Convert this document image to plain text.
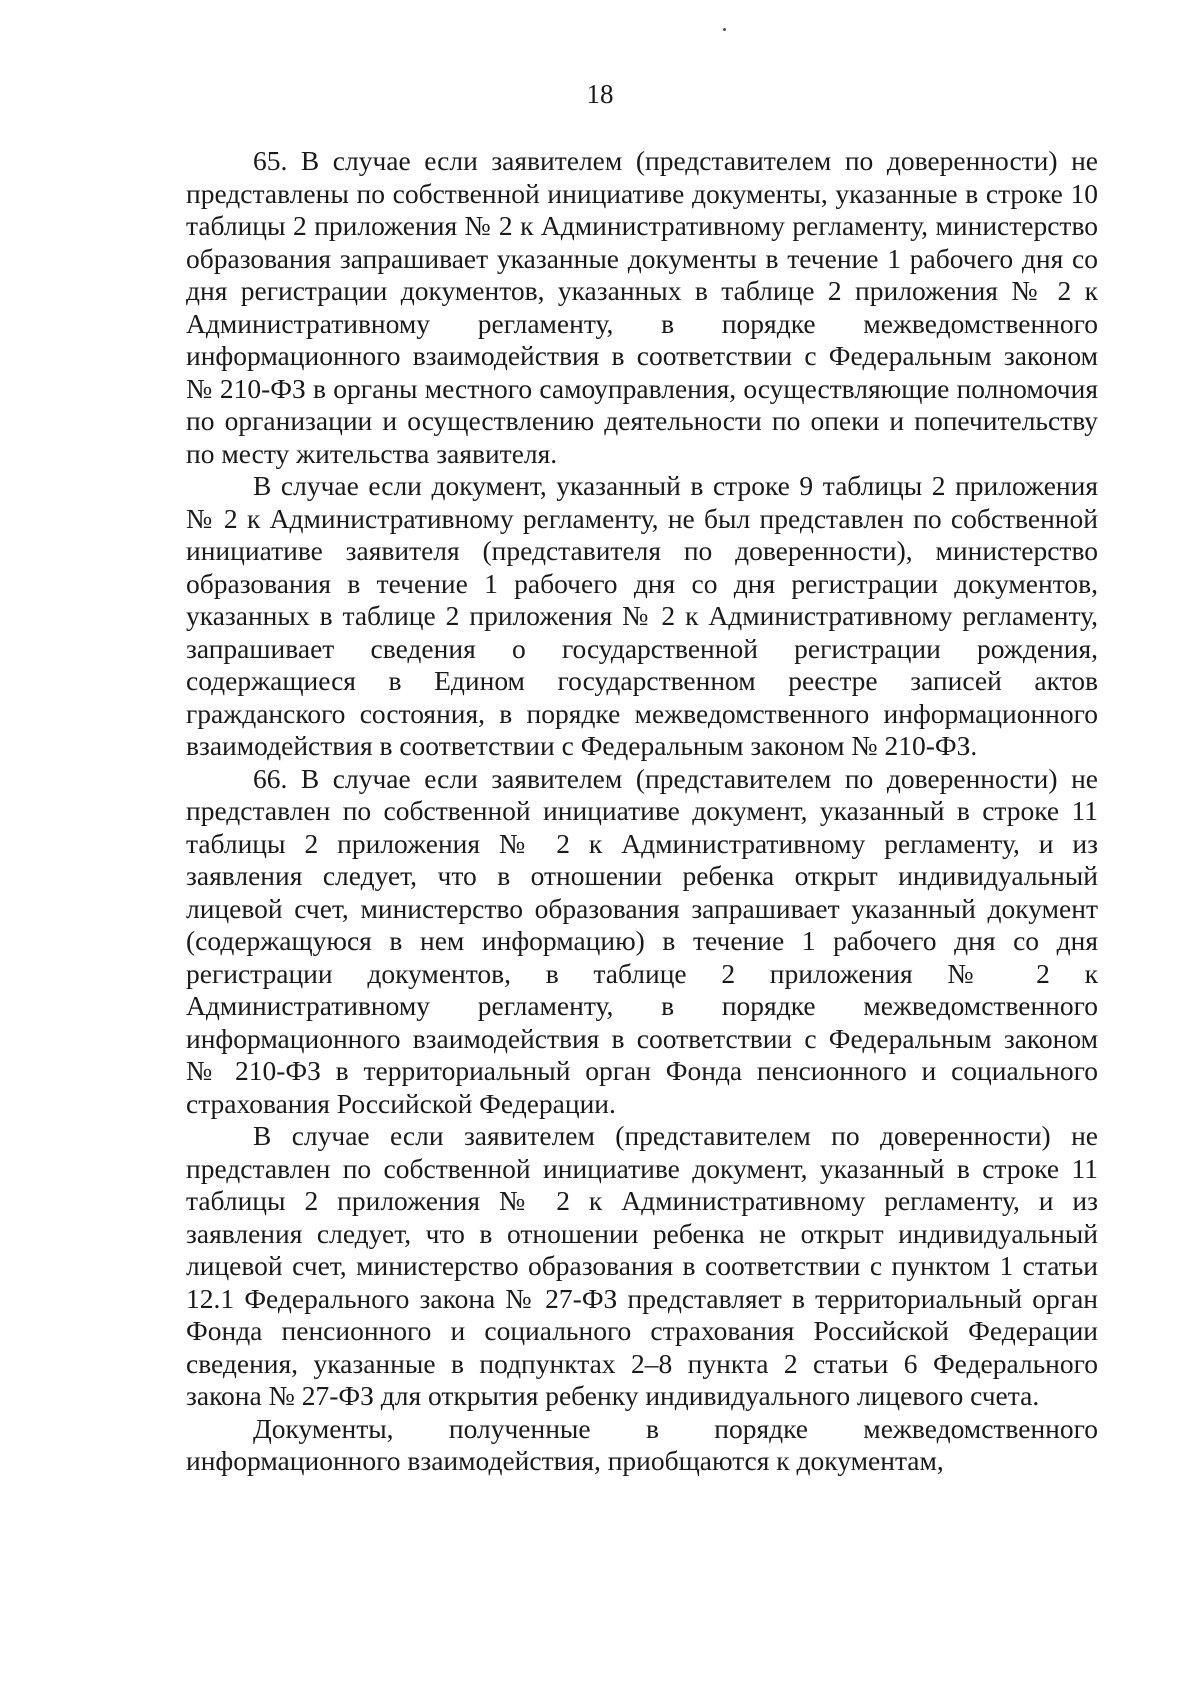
18

65. В случае если заявителем (представителем по доверенности) не представлены по собственной инициативе документы, указанные в строке 10 таблицы 2 приложения № 2 к Административному регламенту, министерство образования запрашивает указанные документы в течение 1 рабочего дня со дня регистрации документов, указанных в таблице 2 приложения № 2 к Административному регламенту, в порядке межведомственного информационного взаимодействия в соответствии с Федеральным законом № 210-ФЗ в органы местного самоуправления, осуществляющие полномочия по организации и осуществлению деятельности по опеки и попечительству по месту жительства заявителя.

В случае если документ, указанный в строке 9 таблицы 2 приложения № 2 к Административному регламенту, не был представлен по собственной инициативе заявителя (представителя по доверенности), министерство образования в течение 1 рабочего дня со дня регистрации документов, указанных в таблице 2 приложения № 2 к Административному регламенту, запрашивает сведения о государственной регистрации рождения, содержащиеся в Едином государственном реестре записей актов гражданского состояния, в порядке межведомственного информационного взаимодействия в соответствии с Федеральным законом № 210-ФЗ.

66. В случае если заявителем (представителем по доверенности) не представлен по собственной инициативе документ, указанный в строке 11 таблицы 2 приложения № 2 к Административному регламенту, и из заявления следует, что в отношении ребенка открыт индивидуальный лицевой счет, министерство образования запрашивает указанный документ (содержащуюся в нем информацию) в течение 1 рабочего дня со дня регистрации документов, в таблице 2 приложения № 2 к Административному регламенту, в порядке межведомственного информационного взаимодействия в соответствии с Федеральным законом № 210-ФЗ в территориальный орган Фонда пенсионного и социального страхования Российской Федерации.

В случае если заявителем (представителем по доверенности) не представлен по собственной инициативе документ, указанный в строке 11 таблицы 2 приложения № 2 к Административному регламенту, и из заявления следует, что в отношении ребенка не открыт индивидуальный лицевой счет, министерство образования в соответствии с пунктом 1 статьи 12.1 Федерального закона № 27-ФЗ представляет в территориальный орган Фонда пенсионного и социального страхования Российской Федерации сведения, указанные в подпунктах 2–8 пункта 2 статьи 6 Федерального закона № 27-ФЗ для открытия ребенку индивидуального лицевого счета.

Документы, полученные в порядке межведомственного информационного взаимодействия, приобщаются к документам,
